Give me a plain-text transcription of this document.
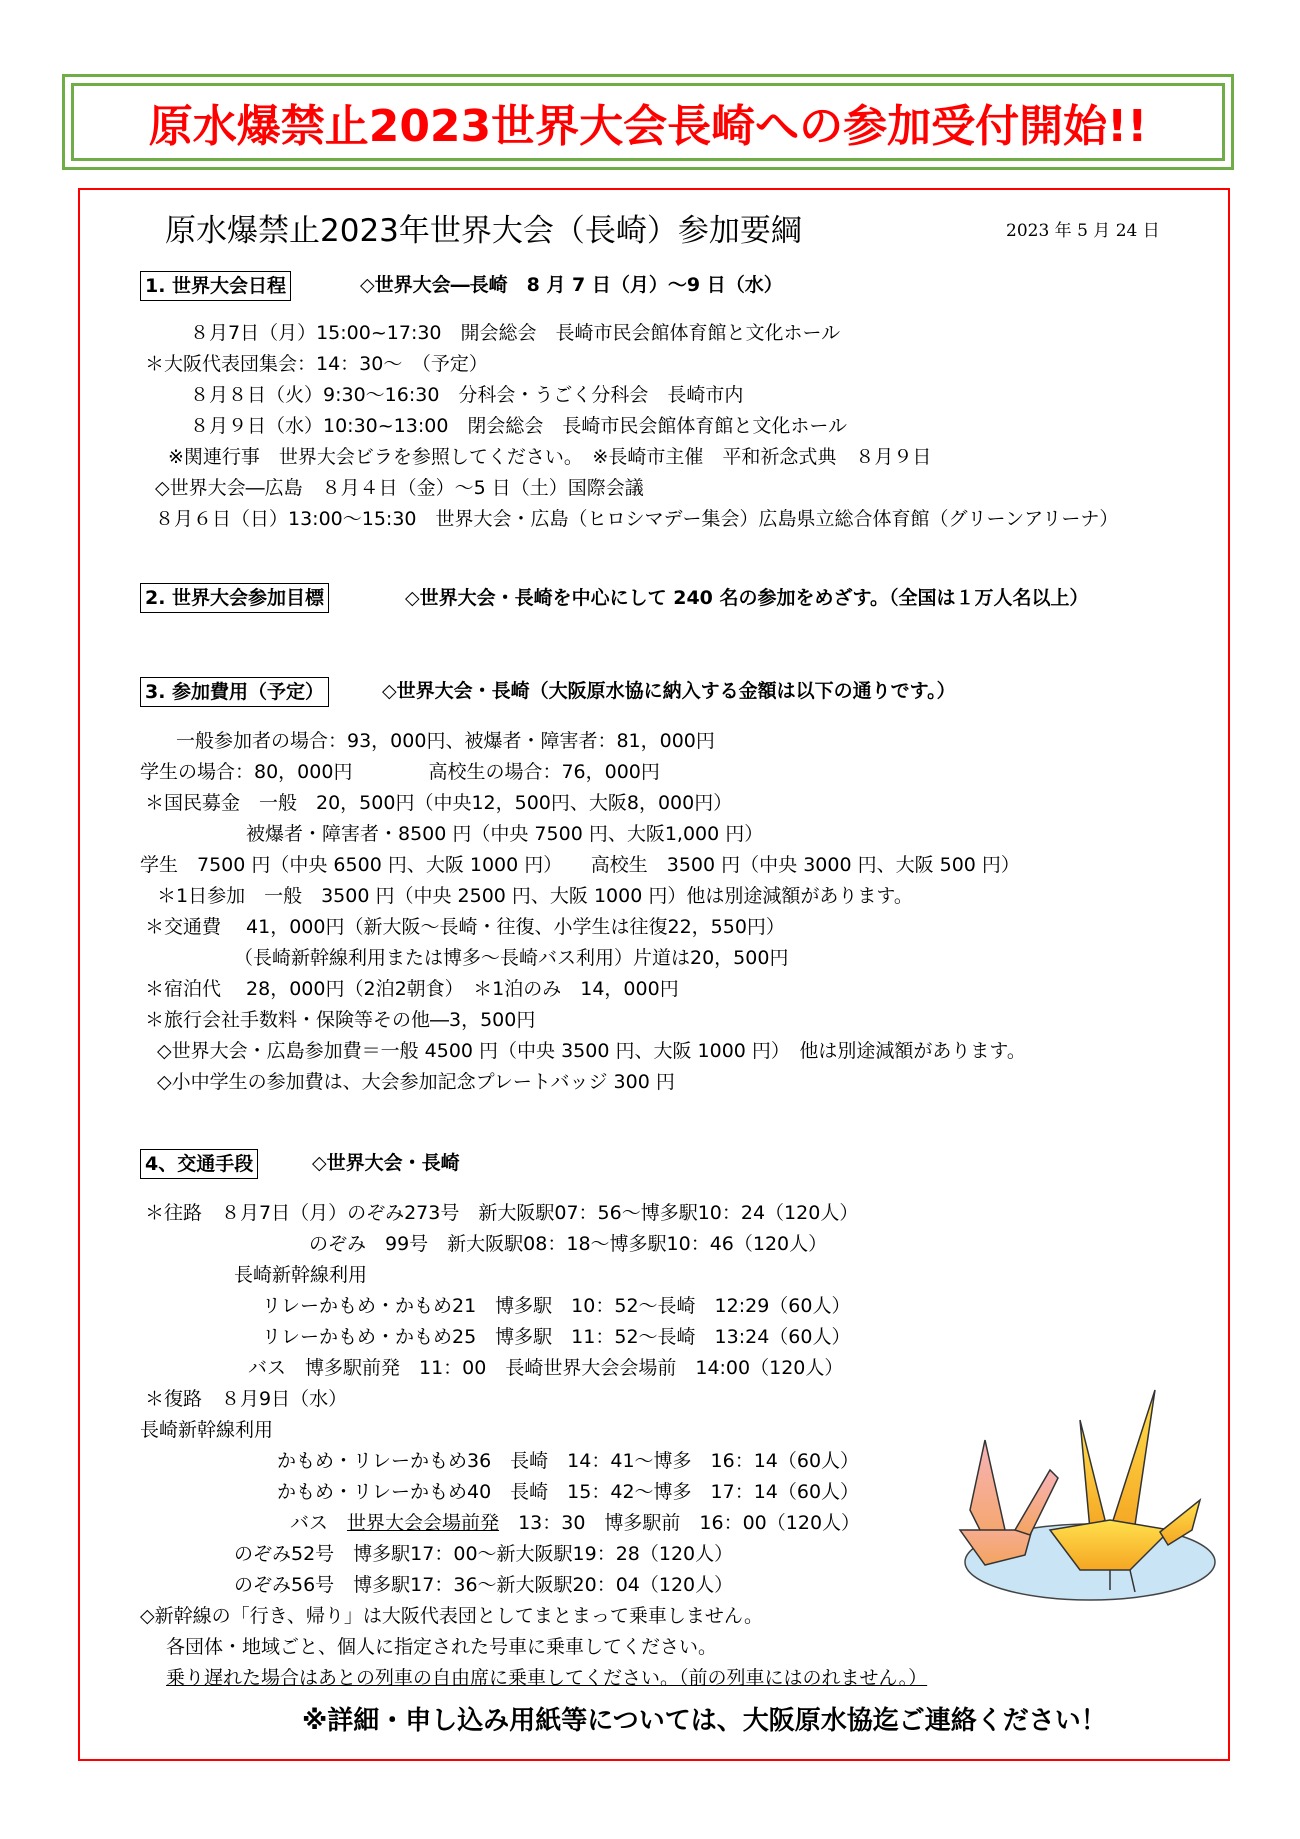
原水爆禁止2023世界大会長崎への参加受付開始!!
原水爆禁止2023年世界大会（長崎）参加要綱	2023 年 5 月 24 日
1. 世界大会日程	◇世界大会―長崎　8 月 7 日（月）～9 日（水）
８月7日（月）15:00~17:30　開会総会　長崎市民会館体育館と文化ホール
＊大阪代表団集会：14：30～　（予定）
８月８日（火）9:30～16:30　分科会・うごく分科会　長崎市内
８月９日（水）10:30~13:00　閉会総会　長崎市民会館体育館と文化ホール
※関連行事　世界大会ビラを参照してください。　※長崎市主催　平和祈念式典　８月９日
◇世界大会―広島　８月４日（金）～5 日（土）国際会議
８月６日（日）13:00～15:30　世界大会・広島（ヒロシマデー集会）広島県立総合体育館（グリーンアリーナ）
2. 世界大会参加目標	◇世界大会・長崎を中心にして 240 名の参加をめざす。（全国は１万人名以上）
3. 参加費用（予定）	◇世界大会・長崎（大阪原水協に納入する金額は以下の通りです。）
一般参加者の場合：93，000円、被爆者・障害者：81，000円
学生の場合：80，000円　　　　高校生の場合：76，000円
＊国民募金　一般　20，500円（中央12，500円、大阪8，000円）
被爆者・障害者・8500 円（中央 7500 円、大阪1,000 円）
学生　7500 円（中央 6500 円、大阪 1000 円）　　高校生　3500 円（中央 3000 円、大阪 500 円）
＊1日参加　一般　3500 円（中央 2500 円、大阪 1000 円）他は別途減額があります。
＊交通費　 41，000円（新大阪～長崎・往復、小学生は往復22，550円）
（長崎新幹線利用または博多～長崎バス利用）片道は20，500円
＊宿泊代　 28，000円（2泊2朝食）　＊1泊のみ　14，000円
＊旅行会社手数料・保険等その他―3，500円
◇世界大会・広島参加費＝一般 4500 円（中央 3500 円、大阪 1000 円）　他は別途減額があります。
◇小中学生の参加費は、大会参加記念プレートバッジ 300 円
4、交通手段	◇世界大会・長崎
＊往路　８月7日（月）のぞみ273号　新大阪駅07：56～博多駅10：24（120人）
のぞみ　99号　新大阪駅08：18～博多駅10：46（120人）
長崎新幹線利用
リレーかもめ・かもめ21　博多駅　10：52～長崎　12:29（60人）
リレーかもめ・かもめ25　博多駅　11：52～長崎　13:24（60人）
バス　博多駅前発　11：00　長崎世界大会会場前　14:00（120人）
＊復路　８月9日（水）
長崎新幹線利用
かもめ・リレーかもめ36　長崎　14：41～博多　16：14（60人）
かもめ・リレーかもめ40　長崎　15：42～博多　17：14（60人）
バス　 世界大会会場前発　 13：30　博多駅前　16：00（120人）
のぞみ52号　博多駅17：00～新大阪駅19：28（120人）
のぞみ56号　博多駅17：36～新大阪駅20：04（120人）
◇新幹線の「行き、帰り」は大阪代表団としてまとまって乗車しません。
各団体・地域ごと、個人に指定された号車に乗車してください。
乗り遅れた場合はあとの列車の自由席に乗車してください。（前の列車にはのれません。）
※詳細・申し込み用紙等については、大阪原水協迄ご連絡ください！
